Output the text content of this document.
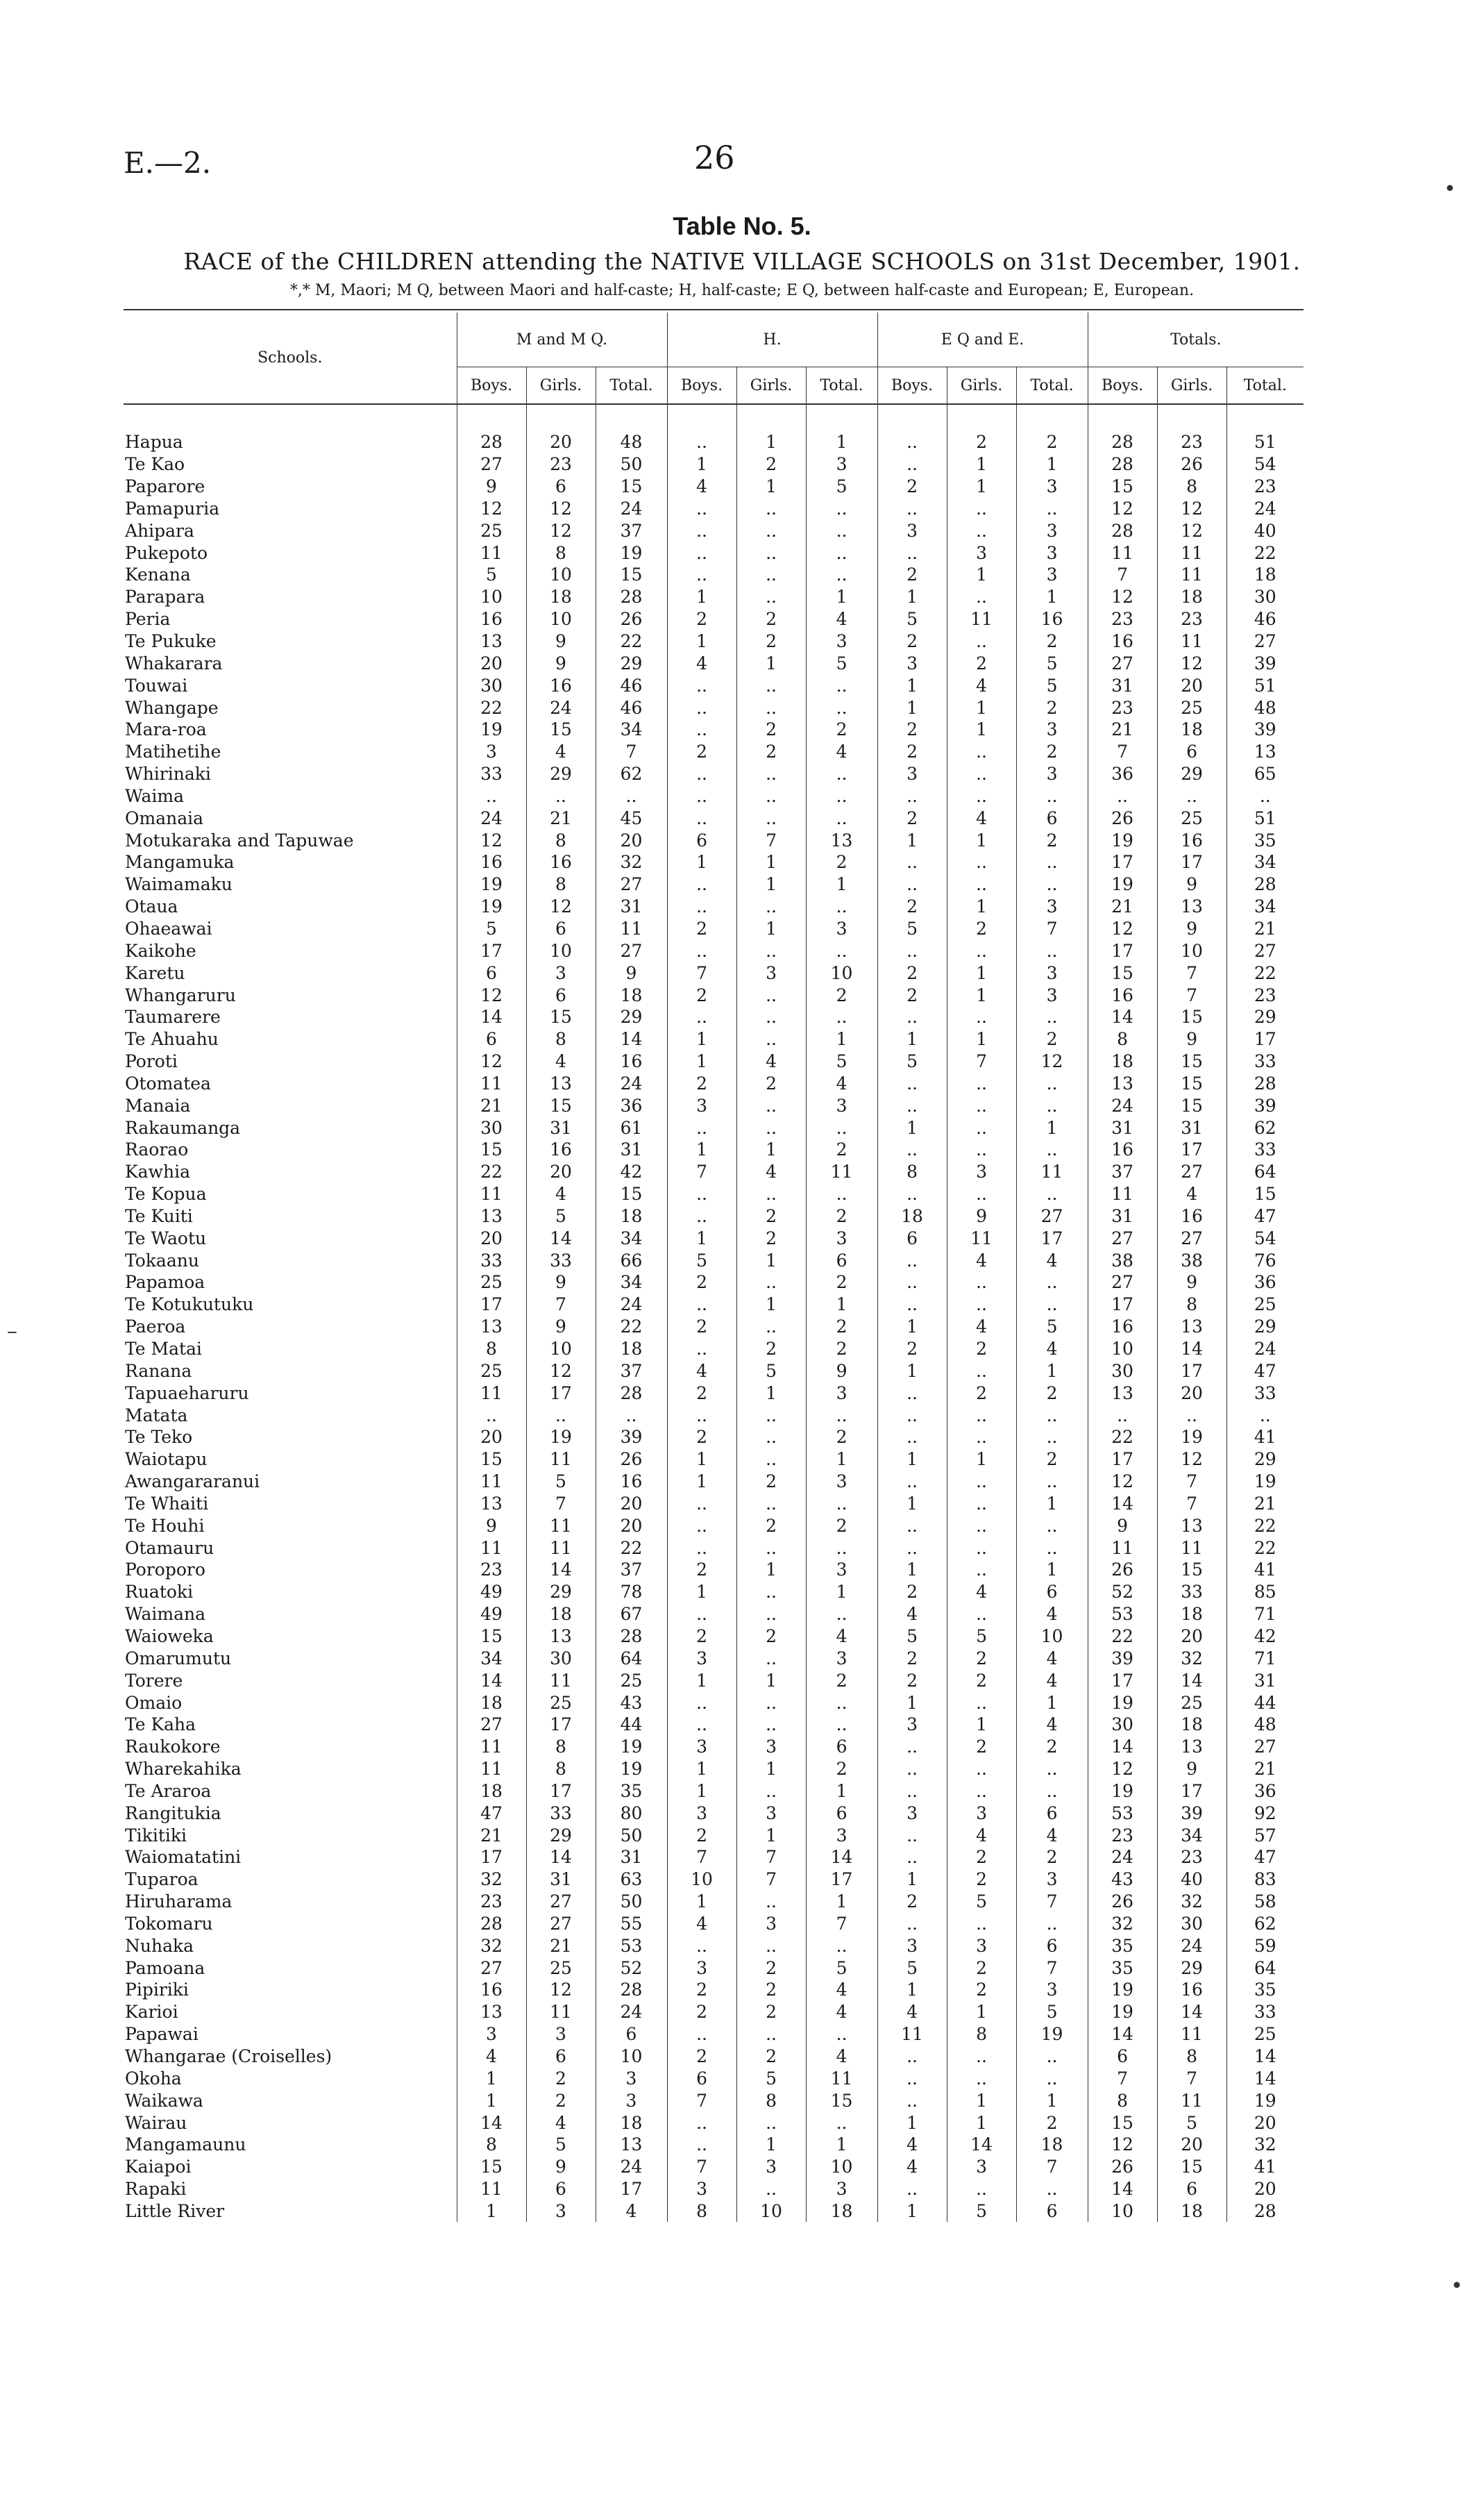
E.—2.	26

Table No. 5.

RACE of the CHILDREN attending the NATIVE VILLAGE SCHOOLS on 31st December, 1901.

*,* M, Maori; M Q, between Maori and half-caste; H, half-caste; E Q, between half-caste and European; E, European.

Schools.	M and M Q.			H.			E Q and E.			Totals.		
	Boys.	Girls.	Total.	Boys.	Girls.	Total.	Boys.	Girls.	Total.	Boys.	Girls.	Total.

Hapua	28	20	48	..	1	1	..	2	2	28	23	51
Te Kao	27	23	50	1	2	3	..	1	1	28	26	54
Paparore	9	6	15	4	1	5	2	1	3	15	8	23
Pamapuria	12	12	24	..	..	..	..	..	..	12	12	24
Ahipara	25	12	37	..	..	..	3	..	3	28	12	40
Pukepoto	11	8	19	..	..	..	..	3	3	11	11	22
Kenana	5	10	15	..	..	..	2	1	3	7	11	18
Parapara	10	18	28	1	..	1	1	..	1	12	18	30
Peria	16	10	26	2	2	4	5	11	16	23	23	46
Te Pukuke	13	9	22	1	2	3	2	..	2	16	11	27
Whakarara	20	9	29	4	1	5	3	2	5	27	12	39
Touwai	30	16	46	..	..	..	1	4	5	31	20	51
Whangape	22	24	46	..	..	..	1	1	2	23	25	48
Mara-roa	19	15	34	..	2	2	2	1	3	21	18	39
Matihetihe	3	4	7	2	2	4	2	..	2	7	6	13
Whirinaki	33	29	62	..	..	..	3	..	3	36	29	65
Waima	..	..	..	..	..	..	..	..	..	..	..	..
Omanaia	24	21	45	..	..	..	2	4	6	26	25	51
Motukaraka and Tapuwae	12	8	20	6	7	13	1	1	2	19	16	35
Mangamuka	16	16	32	1	1	2	..	..	..	17	17	34
Waimamaku	19	8	27	..	1	1	..	..	..	19	9	28
Otaua	19	12	31	..	..	..	2	1	3	21	13	34
Ohaeawai	5	6	11	2	1	3	5	2	7	12	9	21
Kaikohe	17	10	27	..	..	..	..	..	..	17	10	27
Karetu	6	3	9	7	3	10	2	1	3	15	7	22
Whangaruru	12	6	18	2	..	2	2	1	3	16	7	23
Taumarere	14	15	29	..	..	..	..	..	..	14	15	29
Te Ahuahu	6	8	14	1	..	1	1	1	2	8	9	17
Poroti	12	4	16	1	4	5	5	7	12	18	15	33
Otomatea	11	13	24	2	2	4	..	..	..	13	15	28
Manaia	21	15	36	3	..	3	..	..	..	24	15	39
Rakaumanga	30	31	61	..	..	..	1	..	1	31	31	62
Raorao	15	16	31	1	1	2	..	..	..	16	17	33
Kawhia	22	20	42	7	4	11	8	3	11	37	27	64
Te Kopua	11	4	15	..	..	..	..	..	..	11	4	15
Te Kuiti	13	5	18	..	2	2	18	9	27	31	16	47
Te Waotu	20	14	34	1	2	3	6	11	17	27	27	54
Tokaanu	33	33	66	5	1	6	..	4	4	38	38	76
Papamoa	25	9	34	2	..	2	..	..	..	27	9	36
Te Kotukutuku	17	7	24	..	1	1	..	..	..	17	8	25
Paeroa	13	9	22	2	..	2	1	4	5	16	13	29
Te Matai	8	10	18	..	2	2	2	2	4	10	14	24
Ranana	25	12	37	4	5	9	1	..	1	30	17	47
Tapuaeharuru	11	17	28	2	1	3	..	2	2	13	20	33
Matata	..	..	..	..	..	..	..	..	..	..	..	..
Te Teko	20	19	39	2	..	2	..	..	..	22	19	41
Waiotapu	15	11	26	1	..	1	1	1	2	17	12	29
Awangararanui	11	5	16	1	2	3	..	..	..	12	7	19
Te Whaiti	13	7	20	..	..	..	1	..	1	14	7	21
Te Houhi	9	11	20	..	2	2	..	..	..	9	13	22
Otamauru	11	11	22	..	..	..	..	..	..	11	11	22
Poroporo	23	14	37	2	1	3	1	..	1	26	15	41
Ruatoki	49	29	78	1	..	1	2	4	6	52	33	85
Waimana	49	18	67	..	..	..	4	..	4	53	18	71
Waioweka	15	13	28	2	2	4	5	5	10	22	20	42
Omarumutu	34	30	64	3	..	3	2	2	4	39	32	71
Torere	14	11	25	1	1	2	2	2	4	17	14	31
Omaio	18	25	43	..	..	..	1	..	1	19	25	44
Te Kaha	27	17	44	..	..	..	3	1	4	30	18	48
Raukokore	11	8	19	3	3	6	..	2	2	14	13	27
Wharekahika	11	8	19	1	1	2	..	..	..	12	9	21
Te Araroa	18	17	35	1	..	1	..	..	..	19	17	36
Rangitukia	47	33	80	3	3	6	3	3	6	53	39	92
Tikitiki	21	29	50	2	1	3	..	4	4	23	34	57
Waiomatatini	17	14	31	7	7	14	..	2	2	24	23	47
Tuparoa	32	31	63	10	7	17	1	2	3	43	40	83
Hiruharama	23	27	50	1	..	1	2	5	7	26	32	58
Tokomaru	28	27	55	4	3	7	..	..	..	32	30	62
Nuhaka	32	21	53	..	..	..	3	3	6	35	24	59
Pamoana	27	25	52	3	2	5	5	2	7	35	29	64
Pipiriki	16	12	28	2	2	4	1	2	3	19	16	35
Karioi	13	11	24	2	2	4	4	1	5	19	14	33
Papawai	3	3	6	..	..	..	11	8	19	14	11	25
Whangarae (Croiselles)	4	6	10	2	2	4	..	..	..	6	8	14
Okoha	1	2	3	6	5	11	..	..	..	7	7	14
Waikawa	1	2	3	7	8	15	..	1	1	8	11	19
Wairau	14	4	18	..	..	..	1	1	2	15	5	20
Mangamaunu	8	5	13	..	1	1	4	14	18	12	20	32
Kaiapoi	15	9	24	7	3	10	4	3	7	26	15	41
Rapaki	11	6	17	3	..	3	..	..	..	14	6	20
Little River	1	3	4	8	10	18	1	5	6	10	18	28
•
–
•
